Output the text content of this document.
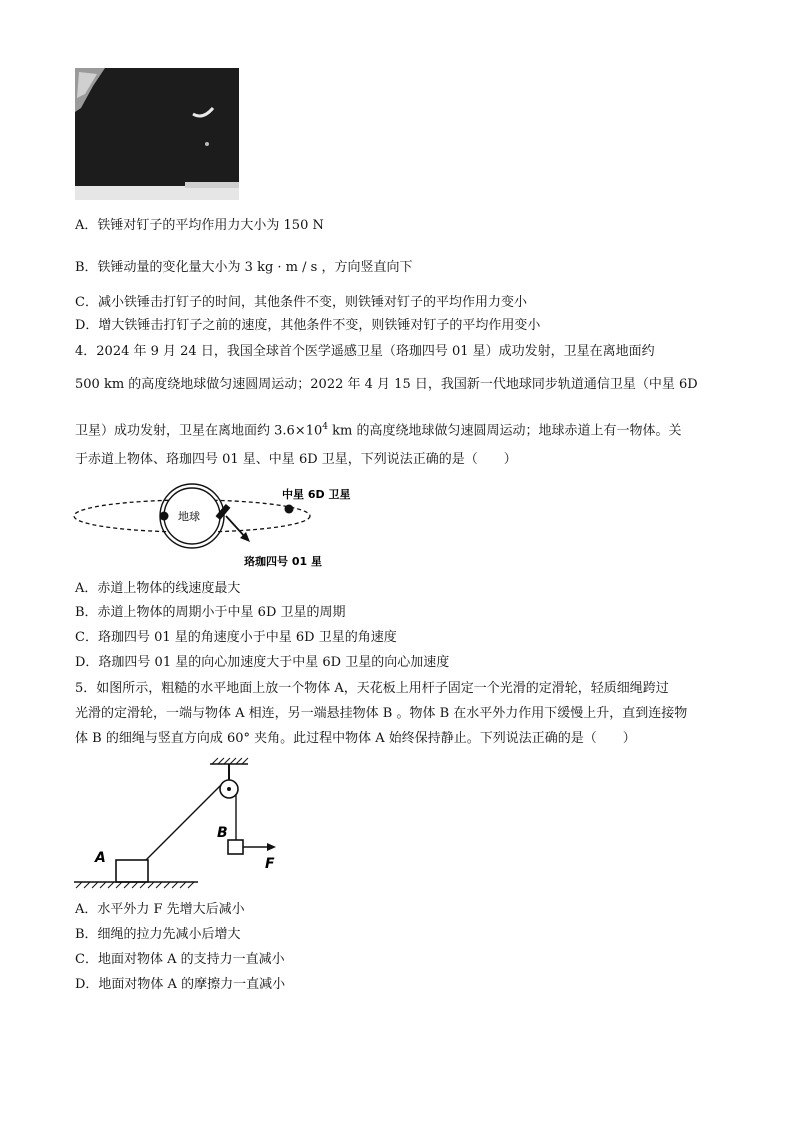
A．铁锤对钉子的平均作用力大小为 150 N
B．铁锤动量的变化量大小为 3 kg · m / s ，方向竖直向下
C．减小铁锤击打钉子的时间，其他条件不变，则铁锤对钉子的平均作用力变小
D．增大铁锤击打钉子之前的速度，其他条件不变，则铁锤对钉子的平均作用变小
4．2024 年 9 月 24 日，我国全球首个医学遥感卫星（珞珈四号 01 星）成功发射，卫星在离地面约
500 km 的高度绕地球做匀速圆周运动；2022 年 4 月 15 日，我国新一代地球同步轨道通信卫星（中星 6D
卫星）成功发射，卫星在离地面约 $3.6\times 10^4$ km 的高度绕地球做匀速圆周运动；地球赤道上有一物体。关
于赤道上物体、珞珈四号 01 星、中星 6D 卫星，下列说法正确的是（　　）
地球
中星 6D 卫星
珞珈四号 01 星
A．赤道上物体的线速度最大
B．赤道上物体的周期小于中星 6D 卫星的周期
C．珞珈四号 01 星的角速度小于中星 6D 卫星的角速度
D．珞珈四号 01 星的向心加速度大于中星 6D 卫星的向心加速度
5．如图所示，粗糙的水平地面上放一个物体 A，天花板上用杆子固定一个光滑的定滑轮，轻质细绳跨过
光滑的定滑轮，一端与物体 A 相连，另一端悬挂物体 B 。物体 B 在水平外力作用下缓慢上升，直到连接物
体 B 的细绳与竖直方向成 60° 夹角。此过程中物体 A 始终保持静止。下列说法正确的是（　　）
A
B
F
A．水平外力 F 先增大后减小
B．细绳的拉力先减小后增大
C．地面对物体 A 的支持力一直减小
D．地面对物体 A 的摩擦力一直减小
